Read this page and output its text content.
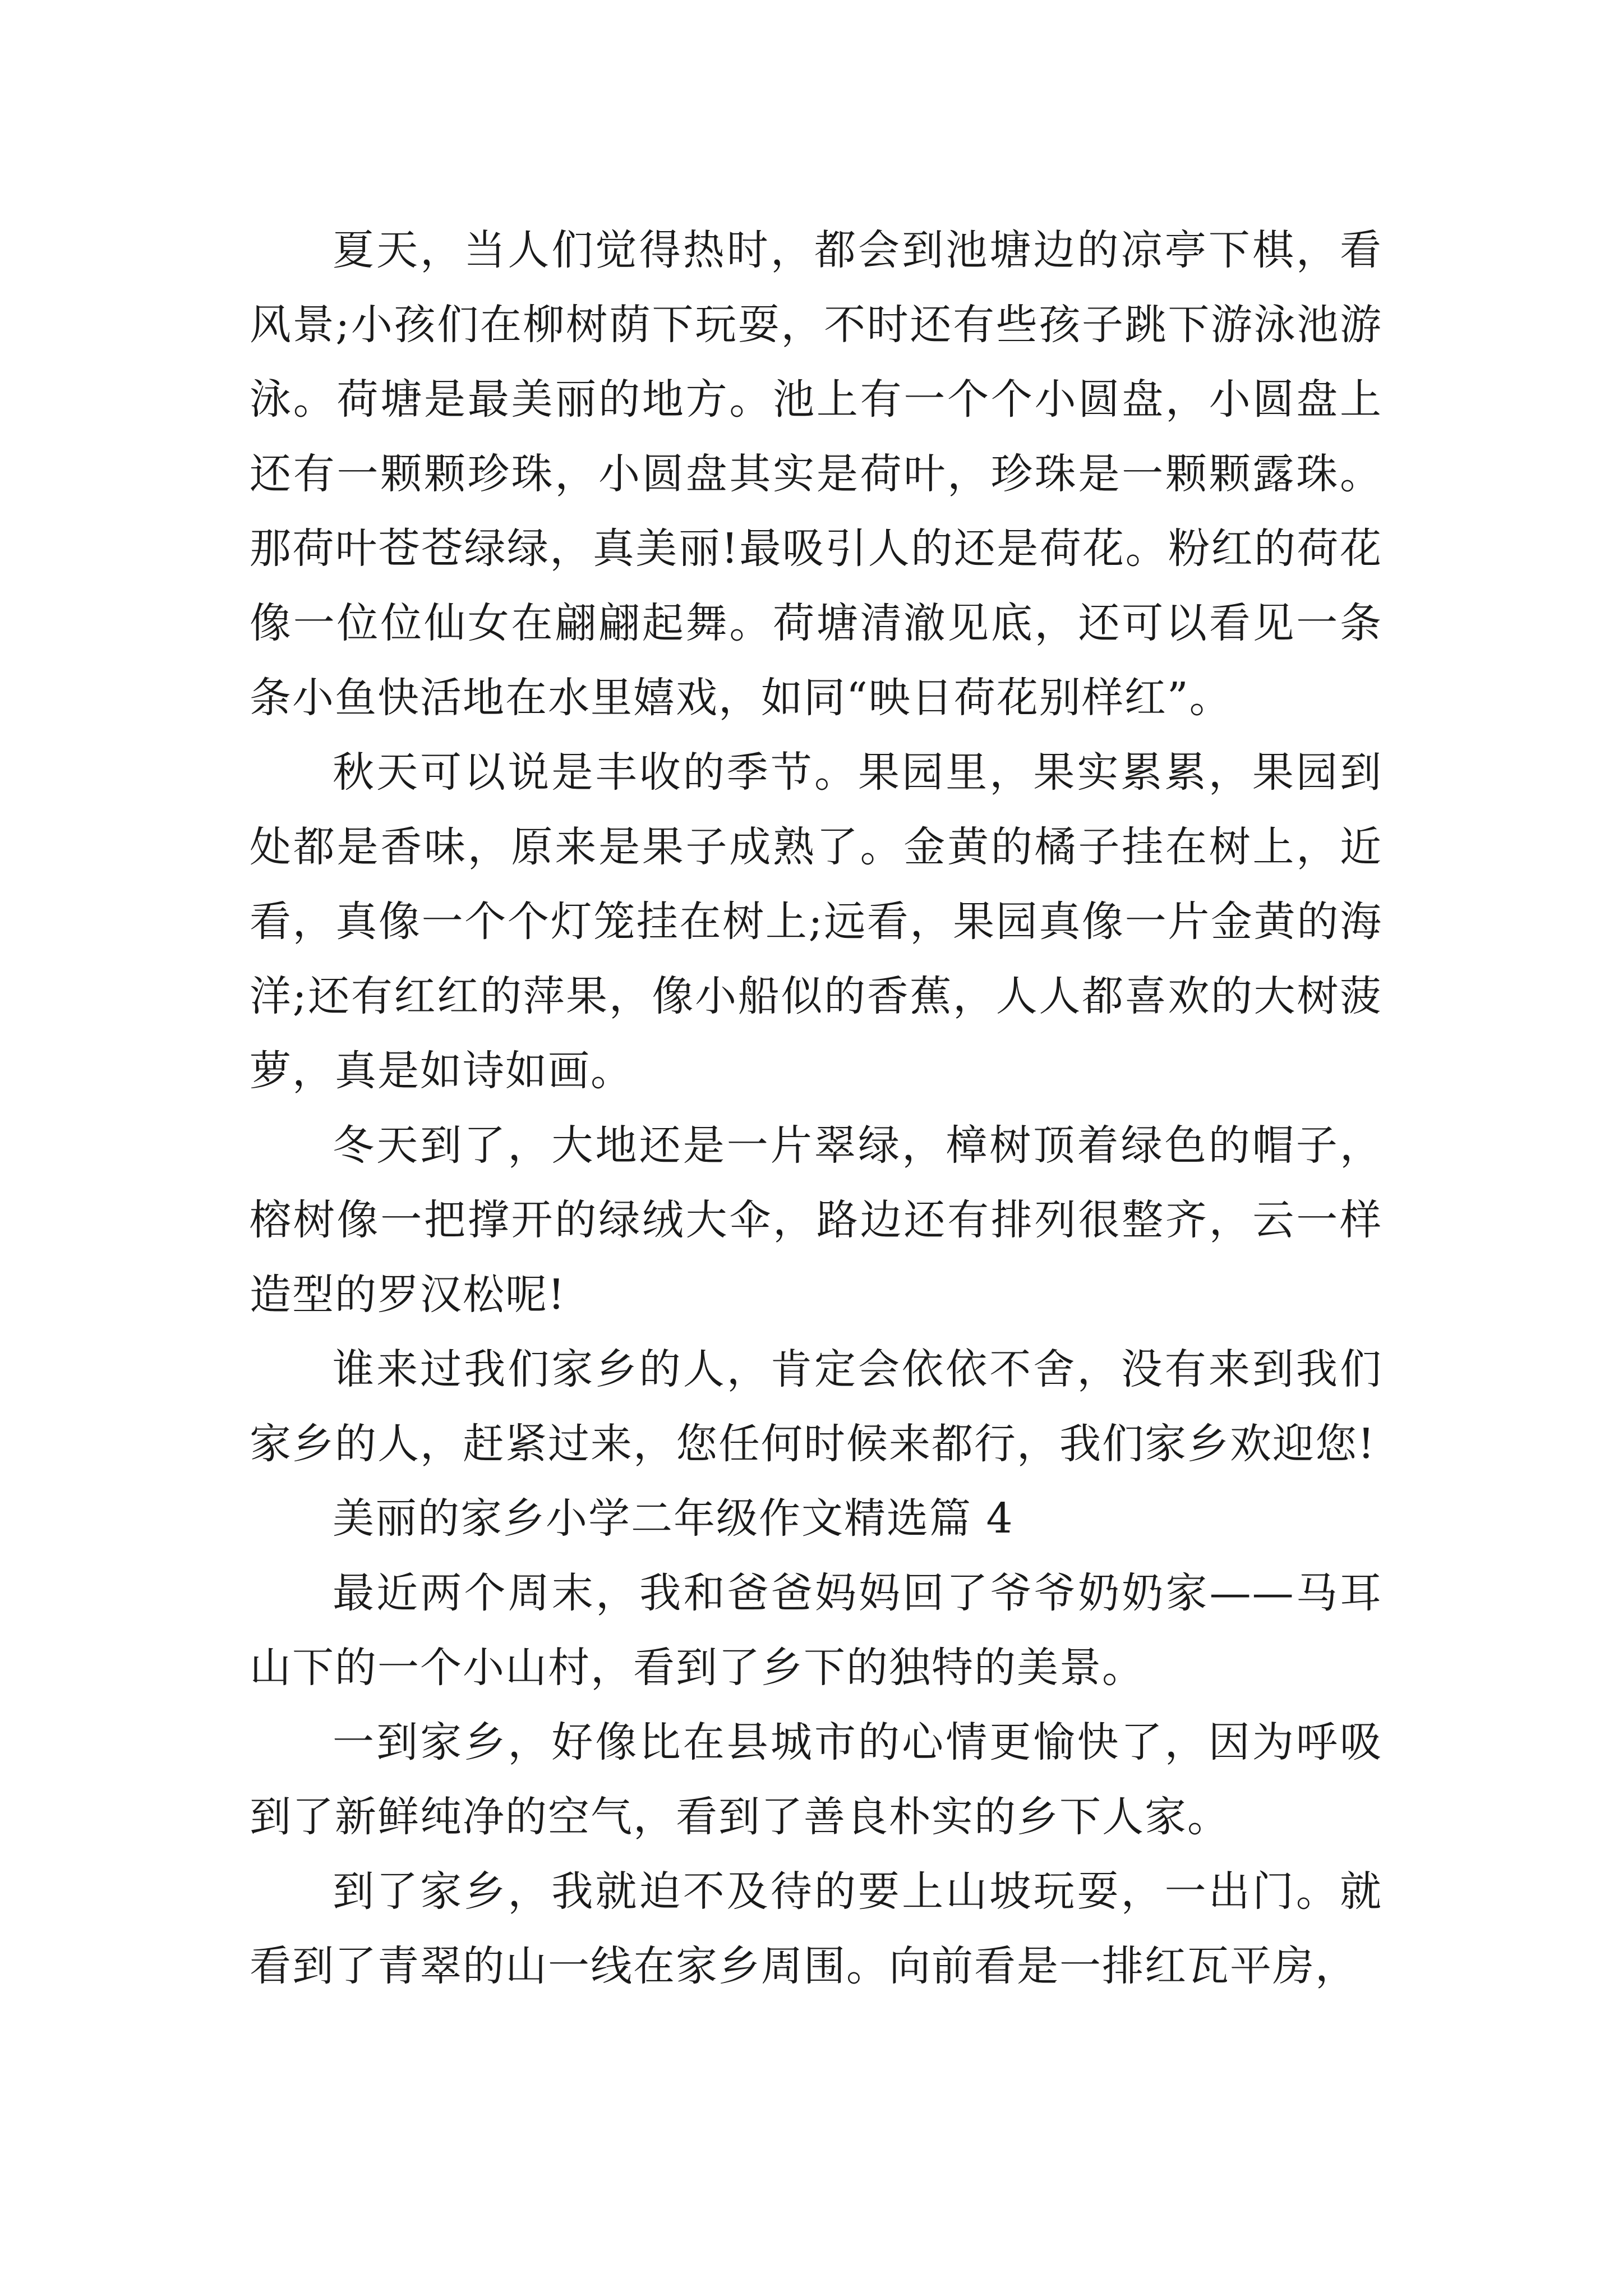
夏天，当人们觉得热时，都会到池塘边的凉亭下棋，看风景;小孩们在柳树荫下玩耍，不时还有些孩子跳下游泳池游泳。荷塘是最美丽的地方。池上有一个个小圆盘，小圆盘上还有一颗颗珍珠，小圆盘其实是荷叶，珍珠是一颗颗露珠。那荷叶苍苍绿绿，真美丽!最吸引人的还是荷花。粉红的荷花像一位位仙女在翩翩起舞。荷塘清澈见底，还可以看见一条条小鱼快活地在水里嬉戏，如同“映日荷花别样红”。

秋天可以说是丰收的季节。果园里，果实累累，果园到处都是香味，原来是果子成熟了。金黄的橘子挂在树上，近看，真像一个个灯笼挂在树上;远看，果园真像一片金黄的海洋;还有红红的萍果，像小船似的香蕉，人人都喜欢的大树菠萝，真是如诗如画。

冬天到了，大地还是一片翠绿，樟树顶着绿色的帽子，榕树像一把撑开的绿绒大伞，路边还有排列很整齐，云一样造型的罗汉松呢!

谁来过我们家乡的人，肯定会依依不舍，没有来到我们家乡的人，赶紧过来，您任何时候来都行，我们家乡欢迎您!

美丽的家乡小学二年级作文精选篇 4

最近两个周末，我和爸爸妈妈回了爷爷奶奶家——马耳山下的一个小山村，看到了乡下的独特的美景。

一到家乡，好像比在县城市的心情更愉快了，因为呼吸到了新鲜纯净的空气，看到了善良朴实的乡下人家。

到了家乡，我就迫不及待的要上山坡玩耍，一出门。就看到了青翠的山一线在家乡周围。向前看是一排红瓦平房，
